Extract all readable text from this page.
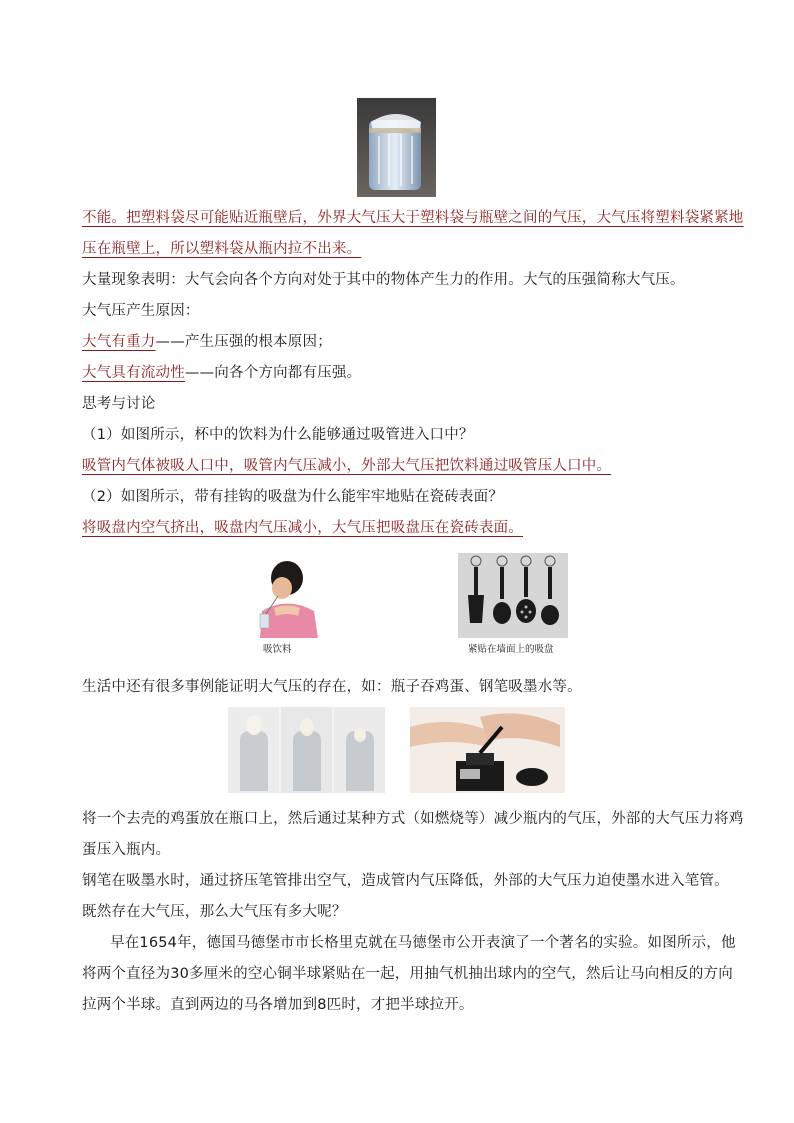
不能。把塑料袋尽可能贴近瓶壁后，外界大气压大于塑料袋与瓶壁之间的气压，大气压将塑料袋紧紧地
压在瓶壁上，所以塑料袋从瓶内拉不出来。
大量现象表明：大气会向各个方向对处于其中的物体产生力的作用。大气的压强简称大气压。
大气压产生原因：
大气有重力——产生压强的根本原因；
大气具有流动性——向各个方向都有压强。
思考与讨论
（1）如图所示，杯中的饮料为什么能够通过吸管进入口中？
吸管内气体被吸人口中，吸管内气压减小，外部大气压把饮料通过吸管压人口中。
（2）如图所示，带有挂钩的吸盘为什么能牢牢地贴在瓷砖表面？
将吸盘内空气挤出，吸盘内气压减小，大气压把吸盘压在瓷砖表面。
吸饮料	紧贴在墙面上的吸盘
生活中还有很多事例能证明大气压的存在，如：瓶子吞鸡蛋、钢笔吸墨水等。
将一个去壳的鸡蛋放在瓶口上，然后通过某种方式（如燃烧等）减少瓶内的气压，外部的大气压力将鸡
蛋压入瓶内。
钢笔在吸墨水时，通过挤压笔管排出空气，造成管内气压降低，外部的大气压力迫使墨水进入笔管。
既然存在大气压，那么大气压有多大呢？
早在1654年，德国马德堡市市长格里克就在马德堡市公开表演了一个著名的实验。如图所示，他
将两个直径为30多厘米的空心铜半球紧贴在一起，用抽气机抽出球内的空气，然后让马向相反的方向
拉两个半球。直到两边的马各增加到8匹时，才把半球拉开。
